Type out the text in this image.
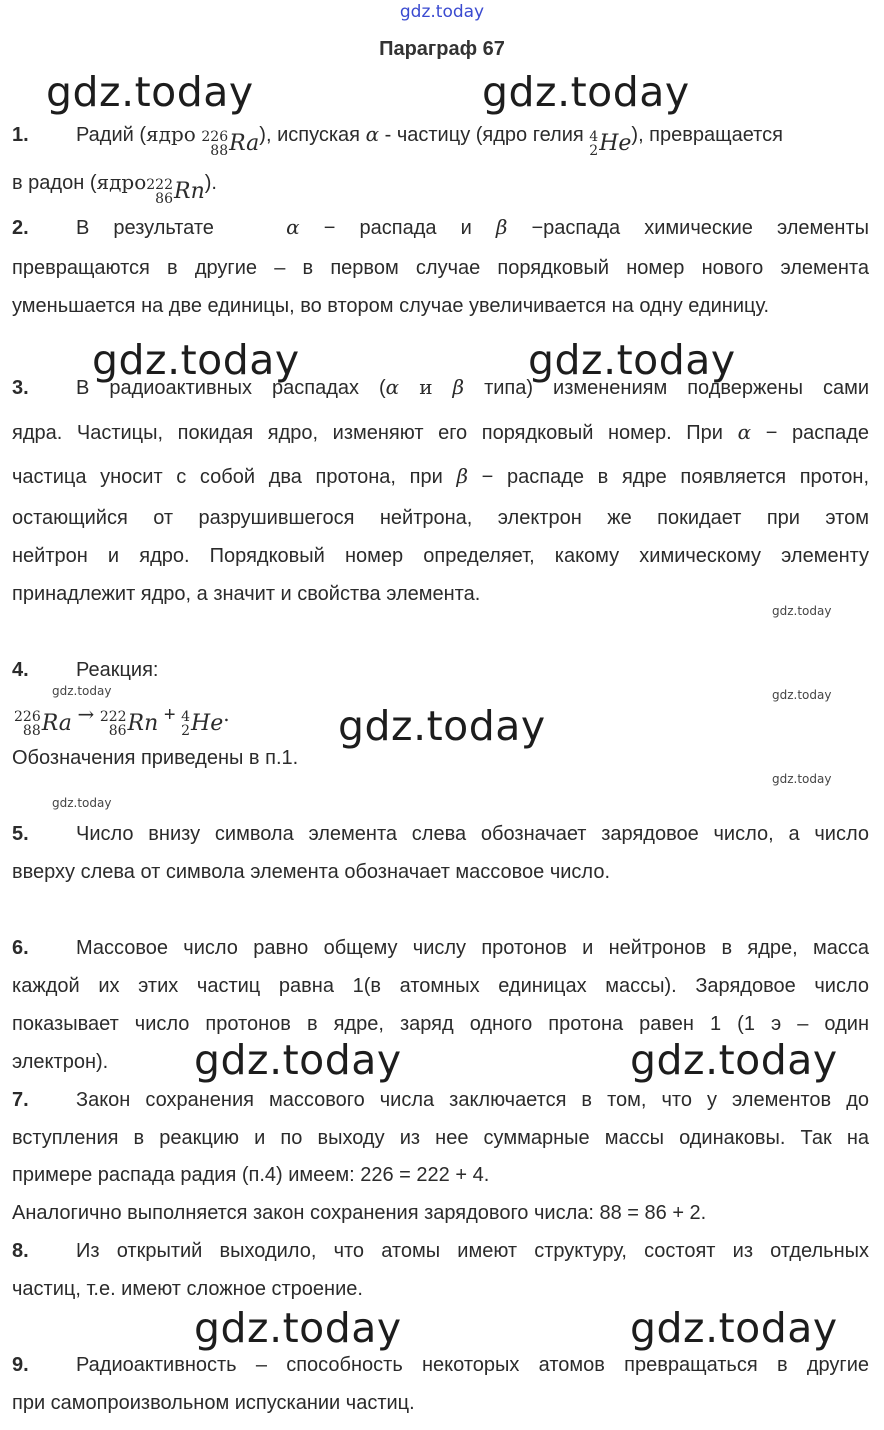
gdz.today
Параграф 67
gdz.today	gdz.today
gdz.today	gdz.today
gdz.today
gdz.today	gdz.today
gdz.today	gdz.today
gdz.today
gdz.today	gdz.today
gdz.today
gdz.today
1. Радий (ядро 226
88 Ra ), испуская α - частицу (ядро гелия 4
2 He ), превращается
в радон (ядро 222
86 Rn ).
2. В результате	α − распада и β −распада химические элементы
превращаются в другие – в первом случае порядковый номер нового элемента
уменьшается на две единицы, во втором случае увеличивается на одну единицу.
3. В радиоактивных распадах (α и β типа) изменениям подвержены сами
ядра. Частицы, покидая ядро, изменяют его порядковый номер. При α − распаде
частица уносит с собой два протона, при β − распаде в ядре появляется протон,
остающийся от разрушившегося нейтрона, электрон же покидает при этом
нейтрон и ядро. Порядковый номер определяет, какому химическому элементу
принадлежит ядро, а значит и свойства элемента.
4. Реакция:
226
88 Ra → 222
86 Rn + 4
2 He .
Обозначения приведены в п.1.
5. Число внизу символа элемента слева обозначает зарядовое число, а число
вверху слева от символа элемента обозначает массовое число.
6. Массовое число равно общему числу протонов и нейтронов в ядре, масса
каждой их этих частиц равна 1(в атомных единицах массы). Зарядовое число
показывает число протонов в ядре, заряд одного протона равен 1 (1 э – один
электрон).
7. Закон сохранения массового числа заключается в том, что у элементов до
вступления в реакцию и по выходу из нее суммарные массы одинаковы. Так на
примере распада радия (п.4) имеем: 226 = 222 + 4.
Аналогично выполняется закон сохранения зарядового числа: 88 = 86 + 2.
8. Из открытий выходило, что атомы имеют структуру, состоят из отдельных
частиц, т.е. имеют сложное строение.
9. Радиоактивность – способность некоторых атомов превращаться в другие
при самопроизвольном испускании частиц.
